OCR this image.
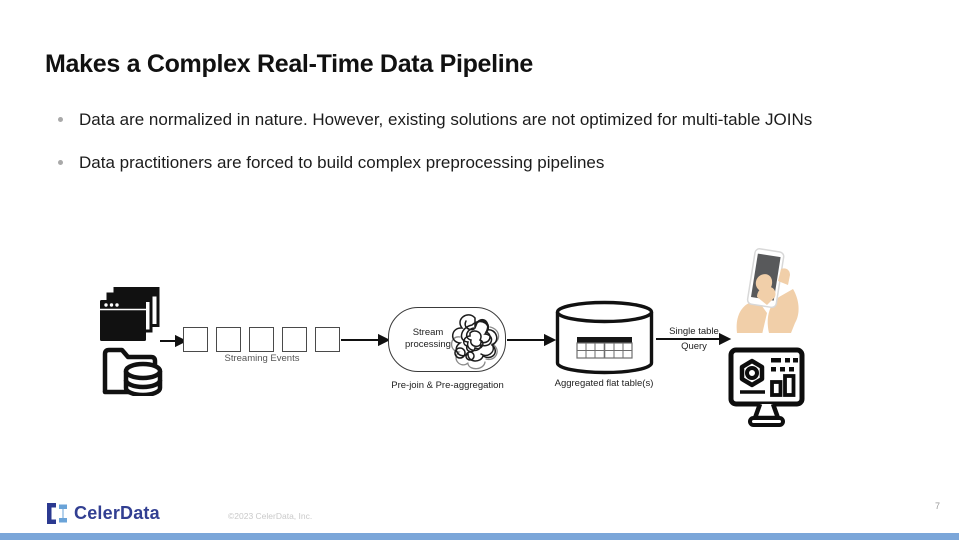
Makes a Complex Real-Time Data Pipeline
Data are normalized in nature. However, existing solutions are not optimized for multi-table JOINs
Data practitioners are forced to build complex preprocessing pipelines
Streaming Events
Stream processing
Pre-join & Pre-aggregation	Aggregated flat table(s)
Single table
Query
CelerData	©2023 CelerData, Inc.
7
